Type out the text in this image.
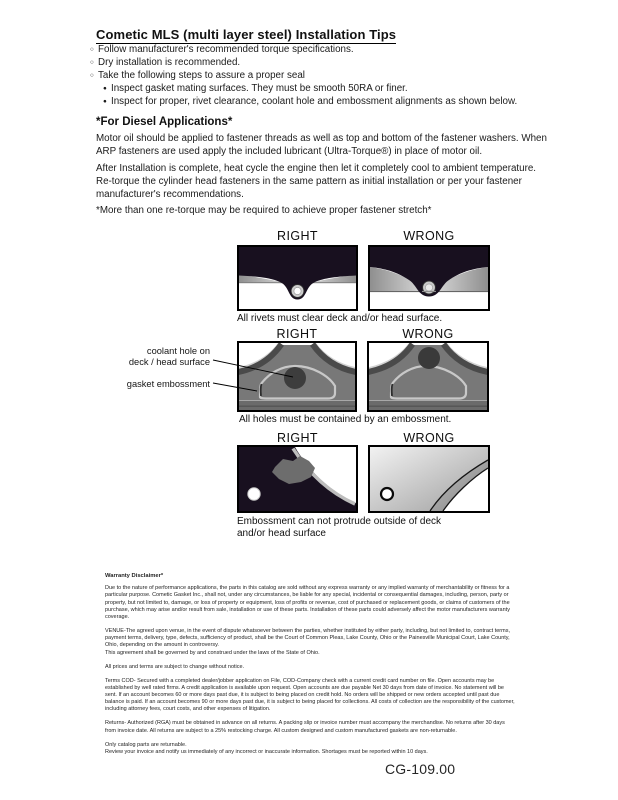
Cometic MLS (multi layer steel) Installation Tips
○ Follow manufacturer's recommended torque specifications.
○ Dry installation is recommended.
○ Take the following steps to assure a proper seal
● Inspect gasket mating surfaces. They must be smooth 50RA or finer.
● Inspect for proper, rivet clearance, coolant hole and embossment alignments as shown below.
*For Diesel Applications*
Motor oil should be applied to fastener threads as well as top and bottom of the fastener washers. When ARP fasteners are used apply the included lubricant (Ultra-Torque®) in place of motor oil.
After Installation is complete, heat cycle the engine then let it completely cool to ambient temperature. Re-torque the cylinder head fasteners in the same pattern as initial installation or per your fastener manufacturer's recommendations.
*More than one re-torque may be required to achieve proper fastener stretch*
RIGHT	WRONG
All rivets must clear deck and/or head surface.
RIGHT	WRONG
coolant hole on
deck / head surface
gasket embossment
All holes must be contained by an embossment.
RIGHT	WRONG
Embossment can not protrude outside of deck
and/or head surface
Warranty Disclaimer*

Due to the nature of performance applications, the parts in this catalog are sold without any express warranty or any implied warranty of merchantability or fitness for a particular purpose. Cometic Gasket Inc., shall not, under any circumstances, be liable for any special, incidental or consequential damages, including, person, party or property, but not limited to, damage, or loss of property or equipment, loss of profits or revenue, cost of purchased or replacement goods, or claims of customers of the purchase, which may arise and/or result from sale, installation or use of these parts. Installation of these parts could adversely affect the motor manufacturers warranty coverage.

VENUE-The agreed upon venue, in the event of dispute whatsoever between the parties, whether instituted by either party, including, but not limited to, contract terms, payment terms, delivery, type, defects, sufficiency of product, shall be the Court of Common Pleas, Lake County, Ohio or the Painesville Municipal Court, Lake County, Ohio, depending on the amount in controversy.
This agreement shall be governed by and construed under the laws of the State of Ohio.

All prices and terms are subject to change without notice.

Terms COD- Secured with a completed dealer/jobber application on File, COD-Company check with a current credit card number on file. Open accounts may be established by well rated firms. A credit application is available upon request. Open accounts are due payable Net 30 days from date of invoice. No statement will be sent. If an account becomes 60 or more days past due, it is subject to being placed on credit hold. No orders will be shipped or new orders accepted until past due balance is paid. If an account becomes 90 or more days past due, it is subject to being placed for collections. All costs of collection are the responsibility of the customer, including attorney fees, court costs, and other expenses of litigation.

Returns- Authorized (RGA) must be obtained in advance on all returns. A packing slip or invoice number must accompany the merchandise. No returns after 30 days from invoice date. All returns are subject to a 25% restocking charge. All custom designed and custom manufactured gaskets are non-returnable.

Only catalog parts are returnable.
Review your invoice and notify us immediately of any incorrect or inaccurate information. Shortages must be reported within 10 days.

CG-109.00
